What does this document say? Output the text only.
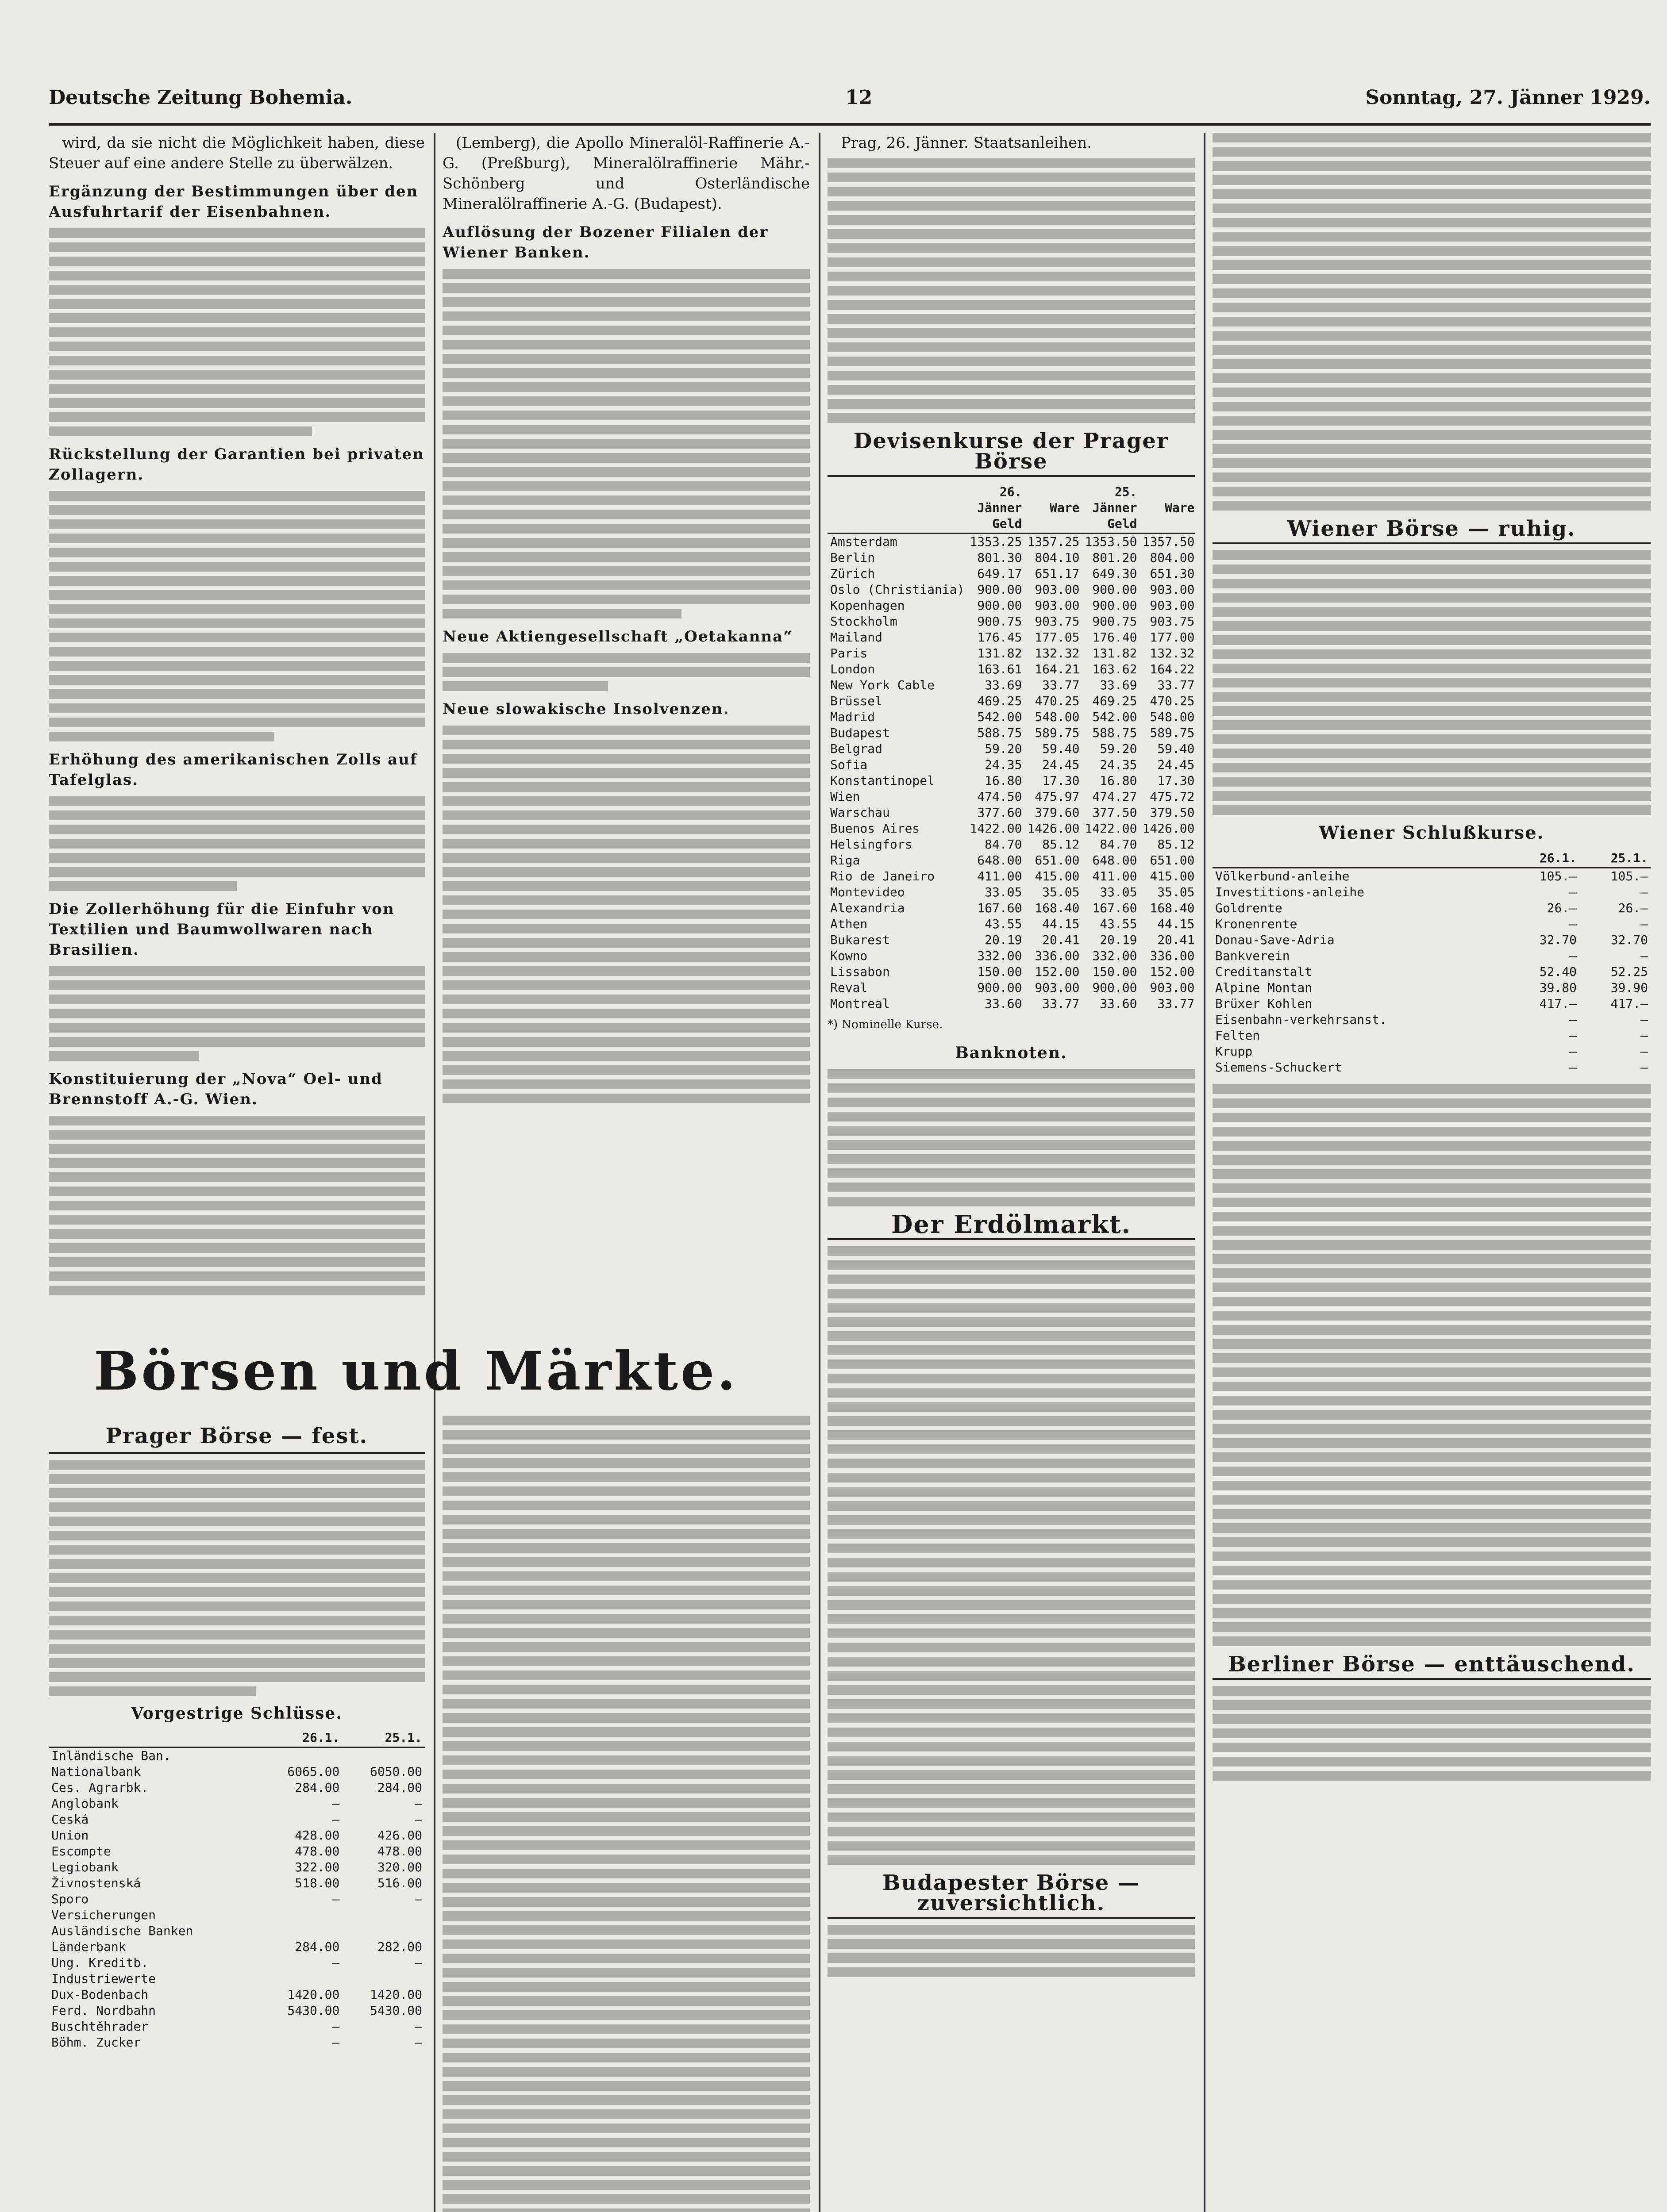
Deutsche Zeitung Bohemia.	12	Sonntag, 27. Jänner 1929.

wird, da sie nicht die Möglichkeit haben, diese Steuer auf eine andere Stelle zu überwälzen.

Ergänzung der Bestimmungen über den Ausfuhrtarif der Eisenbahnen.
Rückstellung der Garantien bei privaten Zollagern.
Erhöhung des amerikanischen Zolls auf Tafelglas.
Die Zollerhöhung für die Einfuhr von Textilien und Baumwollwaren nach Brasilien.
Konstituierung der „Nova“ Oel- und Brennstoff A.-G. Wien.

(Lemberg), die Apollo Mineralöl-Raffinerie A.-G. (Preßburg), Mineralölraffinerie Mähr.-Schönberg und Osterländische Mineralölraffinerie A.-G. (Budapest).

Auflösung der Bozener Filialen der Wiener Banken.
Neue Aktiengesellschaft „Oetakanna“
Neue slowakische Insolvenzen.
Börsen und Märkte.
Prager Börse — fest.
Vorgestrige Schlüsse.
	26.1.	25.1.
Inländische Ban.		
Nationalbank	6065.00	6050.00
Ces. Agrarbk.	284.00	284.00
Anglobank	—	—
Ceská	—	—
Union	428.00	426.00
Escompte	478.00	478.00
Legiobank	322.00	320.00
Živnostenská	518.00	516.00
Sporo	—	—
Versicherungen		
Ausländische Banken		
Länderbank	284.00	282.00
Ung. Kreditb.	—	—
Industriewerte		
Dux-Bodenbach	1420.00	1420.00
Ferd. Nordbahn	5430.00	5430.00
Buschtěhrader	—	—
Böhm. Zucker	—	—

Prag, 26. Jänner. Staatsanleihen.

Devisenkurse der Prager Börse
	26. Jänner Geld	Ware	25. Jänner Geld	Ware
Amsterdam	1353.25	1357.25	1353.50	1357.50
Berlin	801.30	804.10	801.20	804.00
Zürich	649.17	651.17	649.30	651.30
Oslo (Christiania)	900.00	903.00	900.00	903.00
Kopenhagen	900.00	903.00	900.00	903.00
Stockholm	900.75	903.75	900.75	903.75
Mailand	176.45	177.05	176.40	177.00
Paris	131.82	132.32	131.82	132.32
London	163.61	164.21	163.62	164.22
New York Cable	33.69	33.77	33.69	33.77
Brüssel	469.25	470.25	469.25	470.25
Madrid	542.00	548.00	542.00	548.00
Budapest	588.75	589.75	588.75	589.75
Belgrad	59.20	59.40	59.20	59.40
Sofia	24.35	24.45	24.35	24.45
Konstantinopel	16.80	17.30	16.80	17.30
Wien	474.50	475.97	474.27	475.72
Warschau	377.60	379.60	377.50	379.50
Buenos Aires	1422.00	1426.00	1422.00	1426.00
Helsingfors	84.70	85.12	84.70	85.12
Riga	648.00	651.00	648.00	651.00
Rio de Janeiro	411.00	415.00	411.00	415.00
Montevideo	33.05	35.05	33.05	35.05
Alexandria	167.60	168.40	167.60	168.40
Athen	43.55	44.15	43.55	44.15
Bukarest	20.19	20.41	20.19	20.41
Kowno	332.00	336.00	332.00	336.00
Lissabon	150.00	152.00	150.00	152.00
Reval	900.00	903.00	900.00	903.00
Montreal	33.60	33.77	33.60	33.77
*) Nominelle Kurse.
Banknoten.
Der Erdölmarkt.
Budapester Börse — zuversichtlich.
Wiener Börse — ruhig.
Wiener Schlußkurse.
	26.1.	25.1.
Völkerbund-anleihe	105.—	105.—
Investitions-anleihe	—	—
Goldrente	26.—	26.—
Kronenrente	—	—
Donau-Save-Adria	32.70	32.70
Bankverein	—	—
Creditanstalt	52.40	52.25
Alpine Montan	39.80	39.90
Brüxer Kohlen	417.—	417.—
Eisenbahn-verkehrsanst.	—	—
Felten	—	—
Krupp	—	—
Siemens-Schuckert	—	—
Berliner Börse — enttäuschend.
